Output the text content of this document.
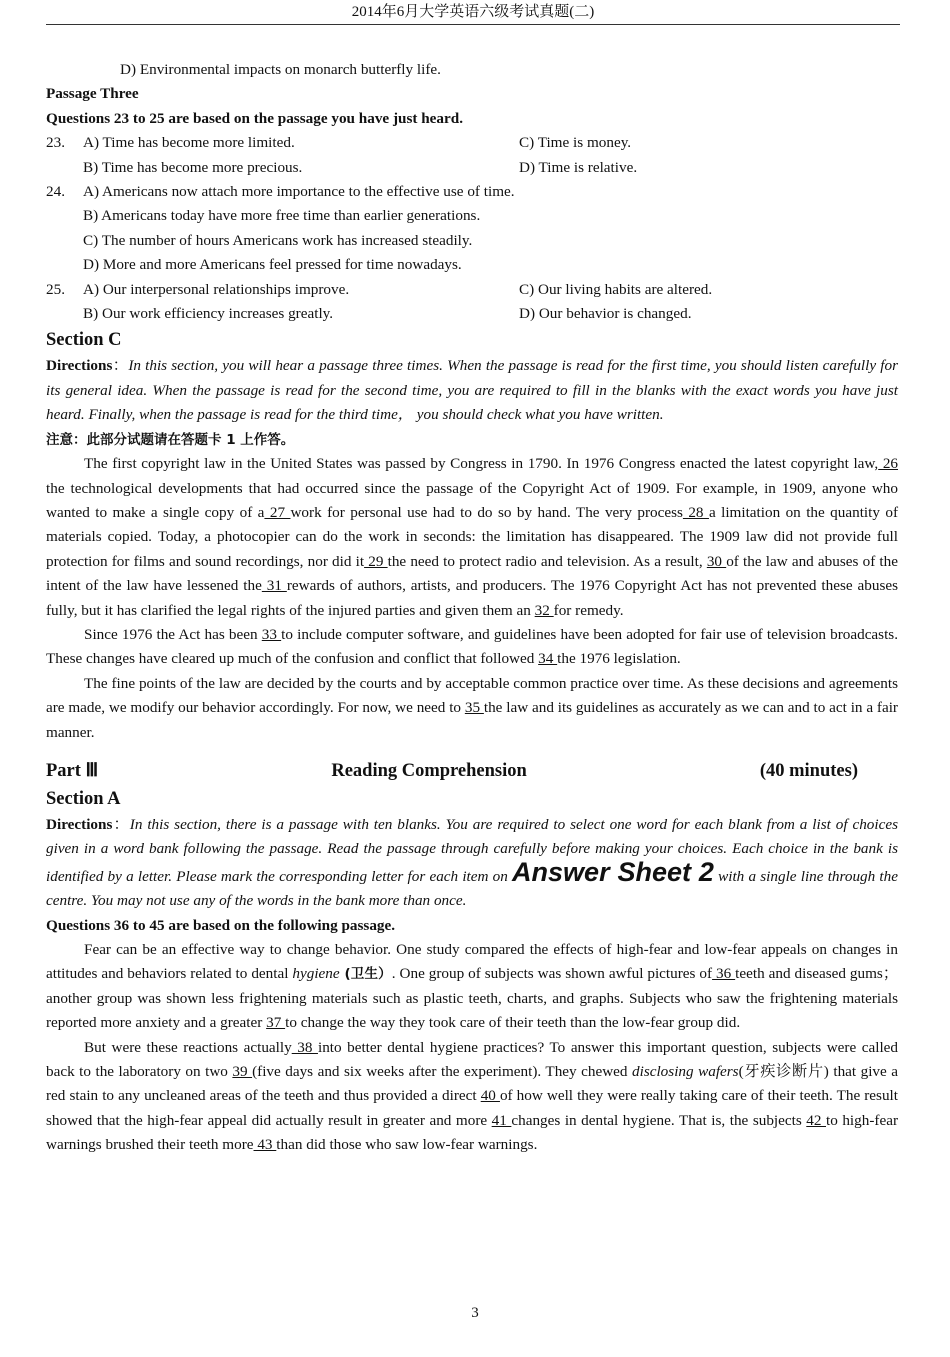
2014年6月大学英语六级考试真题(二)

D) Environmental impacts on monarch butterfly life.

Passage Three

Questions 23 to 25 are based on the passage you have just heard.

23.	A) Time has become more limited.	C) Time is money.
B) Time has become more precious.	D) Time is relative.
24.	A) Americans now attach more importance to the effective use of time.

B) Americans today have more free time than earlier generations.

C) The number of hours Americans work has increased steadily.

D) More and more Americans feel pressed for time nowadays.

25.	A) Our interpersonal relationships improve.	C) Our living habits are altered.
B) Our work efficiency increases greatly.	D) Our behavior is changed.

Section C

Directions：In this section, you will hear a passage three times. When the passage is read for the first time, you should listen carefully for its general idea. When the passage is read for the second time, you are required to fill in the blanks with the exact words you have just heard. Finally, when the passage is read for the third time， you should check what you have written.

注意：此部分试题请在答题卡 1 上作答。

The first copyright law in the United States was passed by Congress in 1790. In 1976 Congress enacted the latest copyright law, 26 the technological developments that had occurred since the passage of the Copyright Act of 1909. For example, in 1909, anyone who wanted to make a single copy of a 27 work for personal use had to do so by hand. The very process 28 a limitation on the quantity of materials copied. Today, a photocopier can do the work in seconds: the limitation has disappeared. The 1909 law did not provide full protection for films and sound recordings, nor did it 29 the need to protect radio and television. As a result, 30 of the law and abuses of the intent of the law have lessened the 31 rewards of authors, artists, and producers. The 1976 Copyright Act has not prevented these abuses fully, but it has clarified the legal rights of the injured parties and given them an 32 for remedy.

Since 1976 the Act has been 33 to include computer software, and guidelines have been adopted for fair use of television broadcasts. These changes have cleared up much of the confusion and conflict that followed 34 the 1976 legislation.

The fine points of the law are decided by the courts and by acceptable common practice over time. As these decisions and agreements are made, we modify our behavior accordingly. For now, we need to 35 the law and its guidelines as accurately as we can and to act in a fair manner.

Part Ⅲ	Reading Comprehension	(40 minutes)

Section A

Directions：In this section, there is a passage with ten blanks. You are required to select one word for each blank from a list of choices given in a word bank following the passage. Read the passage through carefully before making your choices. Each choice in the bank is identified by a letter. Please mark the corresponding letter for each item on Answer Sheet 2 with a single line through the centre. You may not use any of the words in the bank more than once.

Questions 36 to 45 are based on the following passage.

Fear can be an effective way to change behavior. One study compared the effects of high-fear and low-fear appeals on changes in attitudes and behaviors related to dental hygiene (卫生）. One group of subjects was shown awful pictures of 36 teeth and diseased gums； another group was shown less frightening materials such as plastic teeth, charts, and graphs. Subjects who saw the frightening materials reported more anxiety and a greater 37 to change the way they took care of their teeth than the low-fear group did.

But were these reactions actually 38 into better dental hygiene practices? To answer this important question, subjects were called back to the laboratory on two 39 (five days and six weeks after the experiment). They chewed disclosing wafers(牙疾诊断片) that give a red stain to any uncleaned areas of the teeth and thus provided a direct 40 of how well they were really taking care of their teeth. The result showed that the high-fear appeal did actually result in greater and more 41 changes in dental hygiene. That is, the subjects 42 to high-fear warnings brushed their teeth more 43 than did those who saw low-fear warnings.

3
